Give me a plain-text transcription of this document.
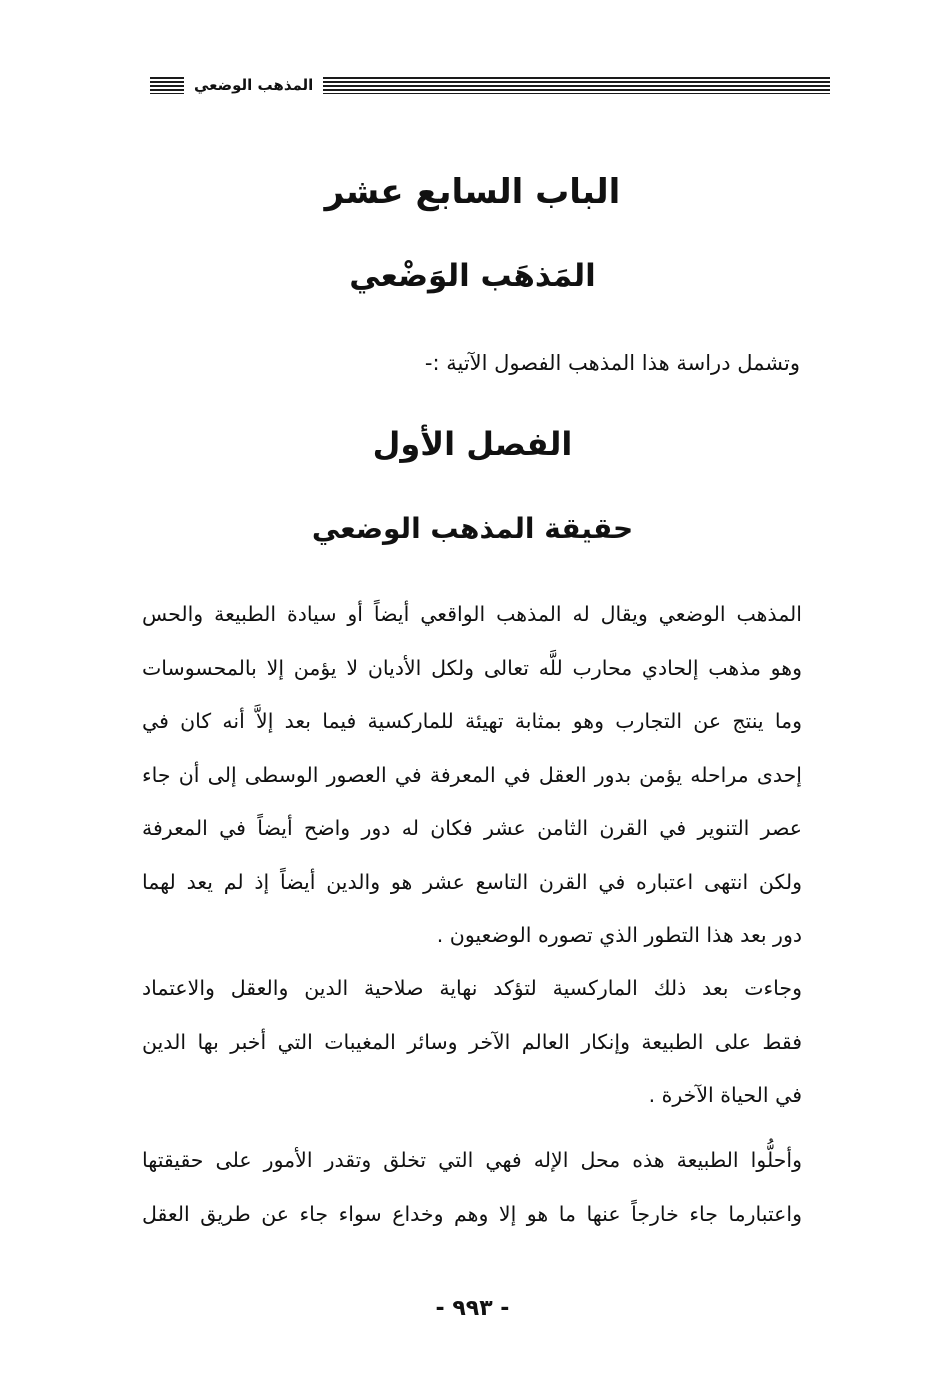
المذهب الوضعي
الباب السابع عشر
المَذهَب الوَضْعي
وتشمل دراسة هذا المذهب الفصول الآتية :-
الفصل الأول
حقيقة المذهب الوضعي
المذهب الوضعي ويقال له المذهب الواقعي أيضاً أو سيادة الطبيعة والحس
وهو مذهب إلحادي محارب للَّه تعالى ولكل الأديان لا يؤمن إلا بالمحسوسات
وما ينتج عن التجارب وهو بمثابة تهيئة للماركسية فيما بعد إلاَّ أنه كان في
إحدى مراحله يؤمن بدور العقل في المعرفة في العصور الوسطى إلى أن جاء
عصر التنوير في القرن الثامن عشر فكان له دور واضح أيضاً في المعرفة
ولكن انتهى اعتباره في القرن التاسع عشر هو والدين أيضاً إذ لم يعد لهما
دور بعد هذا التطور الذي تصوره الوضعيون .
وجاءت بعد ذلك الماركسية لتؤكد نهاية صلاحية الدين والعقل والاعتماد
فقط على الطبيعة وإنكار العالم الآخر وسائر المغيبات التي أخبر بها الدين
في الحياة الآخرة .
وأحلُّوا الطبيعة هذه محل الإله فهي التي تخلق وتقدر الأمور على حقيقتها
واعتبارما جاء خارجاً عنها ما هو إلا وهم وخداع سواء جاء عن طريق العقل
- ٩٩٣ -
